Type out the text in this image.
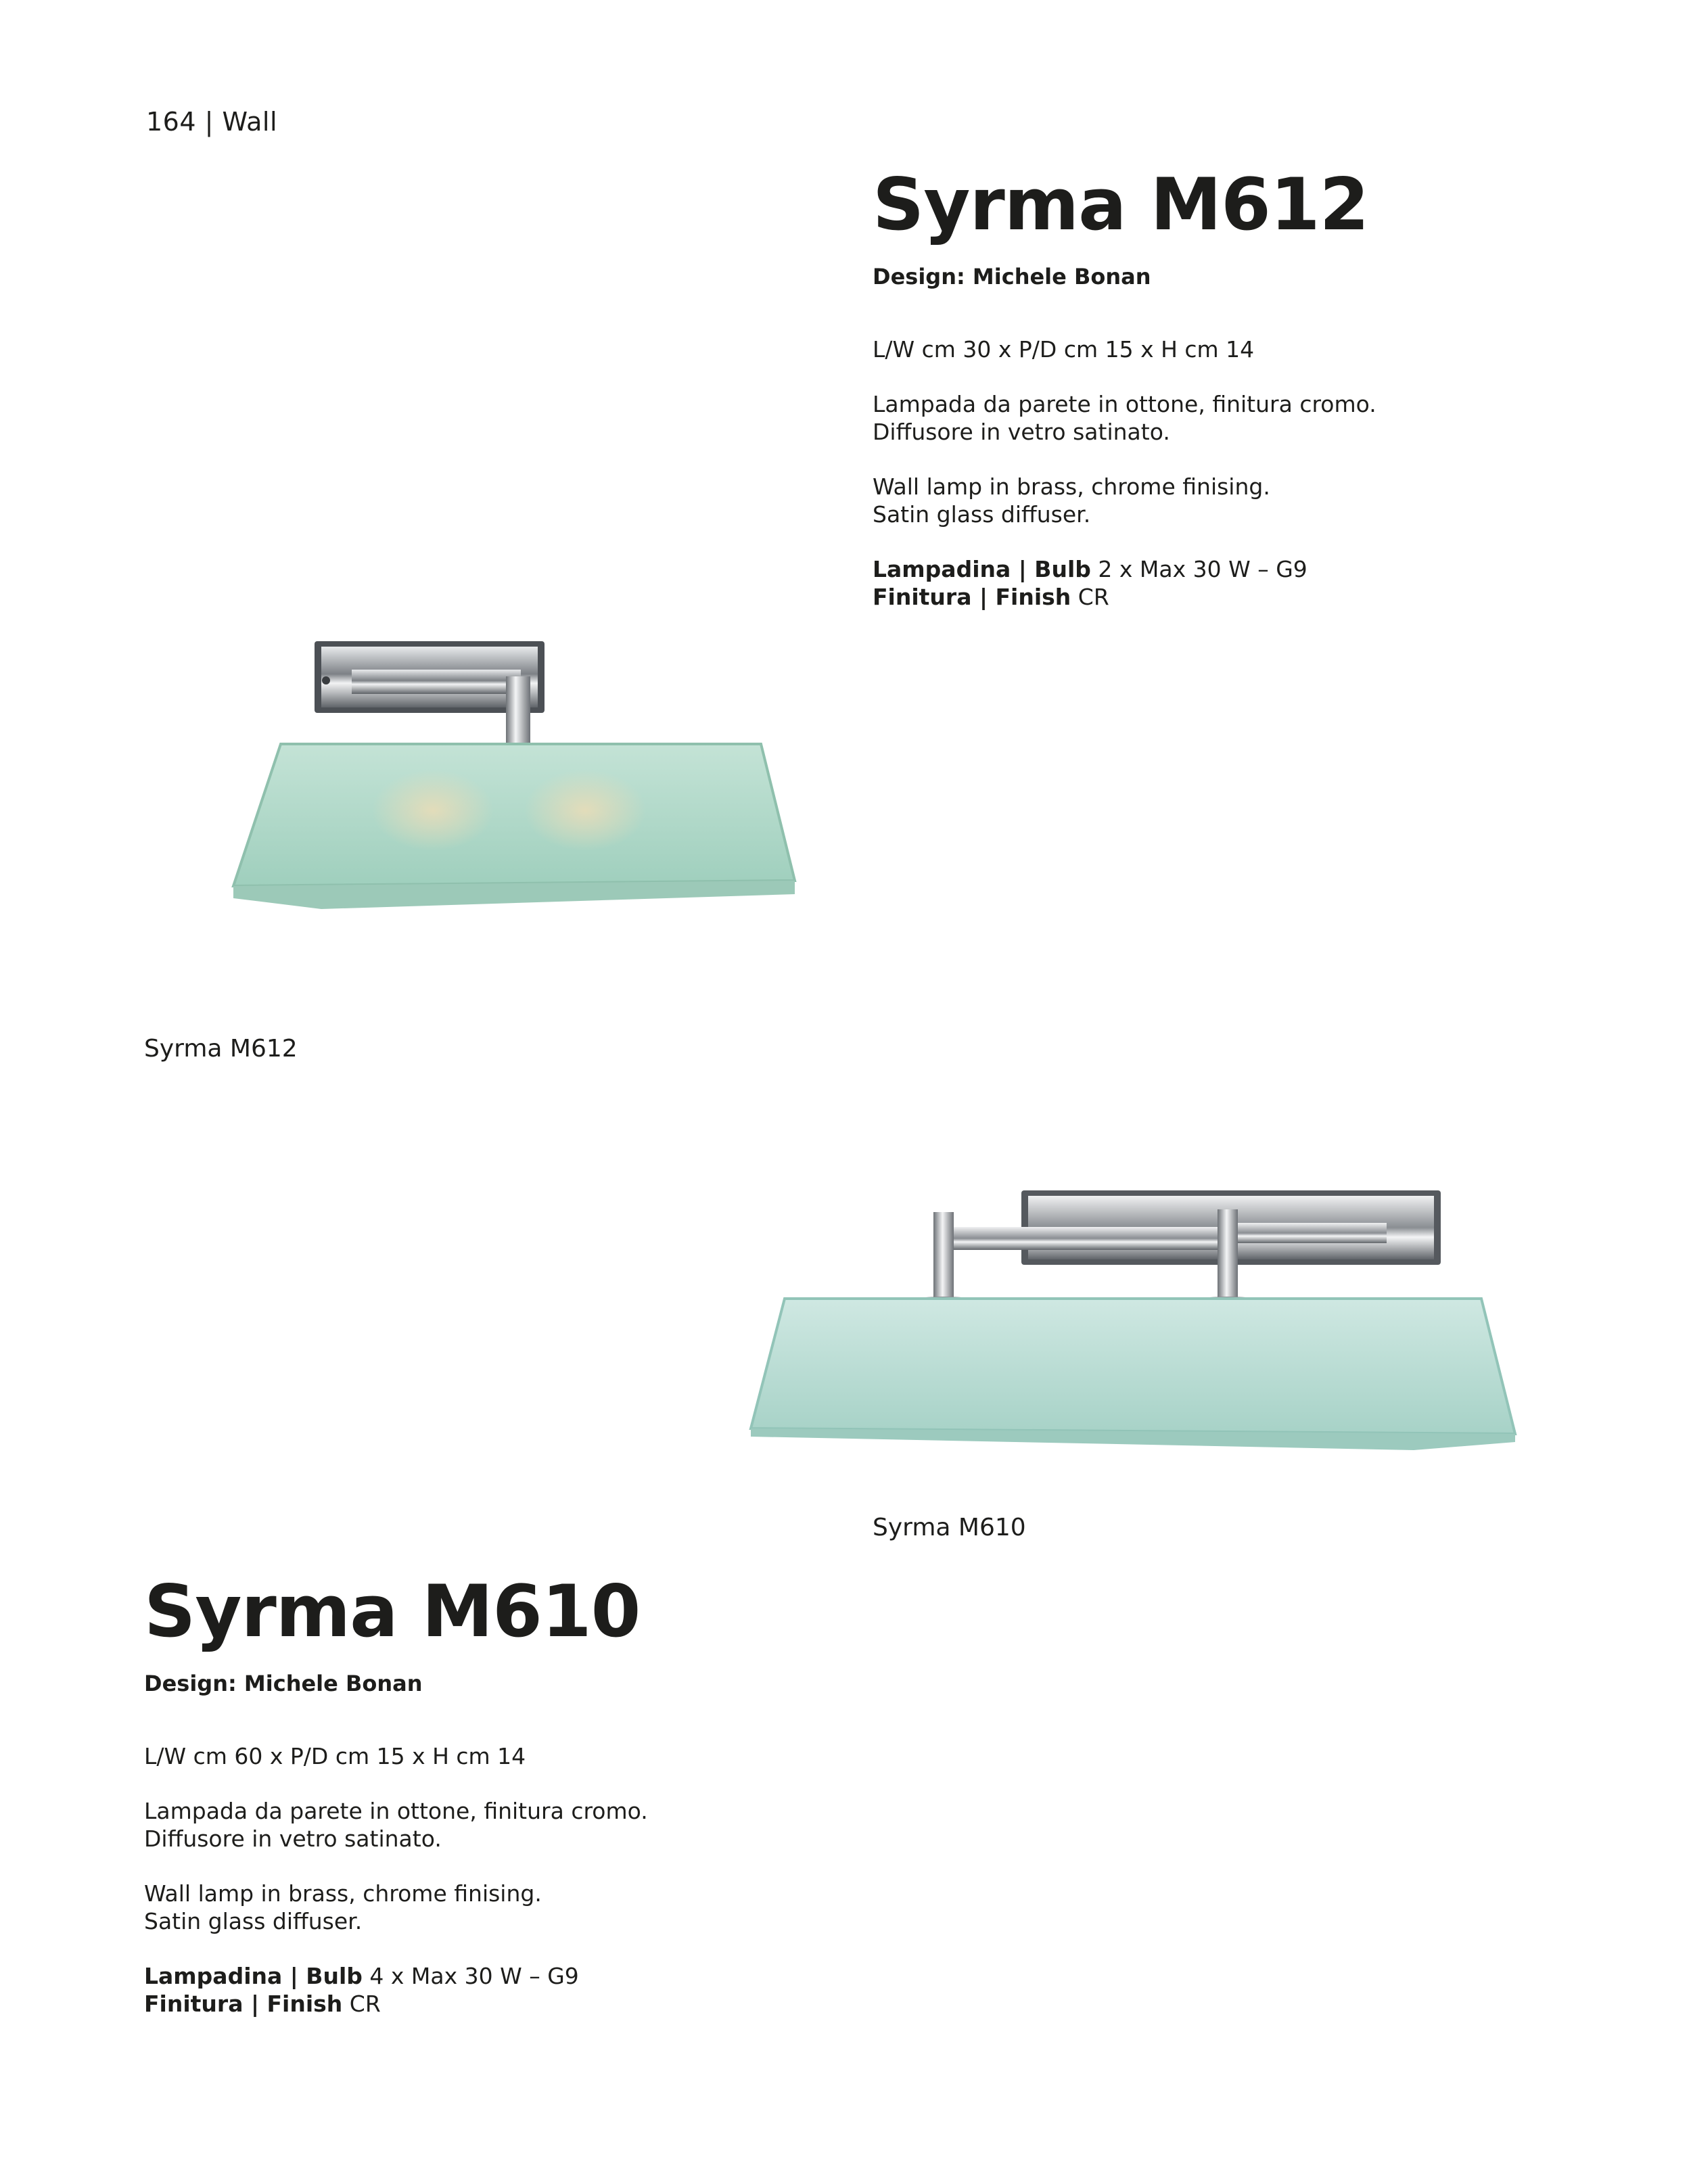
164 | Wall
Syrma M612
Design: Michele Bonan

L/W cm 30 x P/D cm 15 x H cm 14

Lampada da parete in ottone, finitura cromo.

Diffusore in vetro satinato.

Wall lamp in brass, chrome finising.

Satin glass diffuser.

Lampadina | Bulb 2 x Max 30 W – G9

Finitura | Finish CR

Syrma M612
Syrma M610
Syrma M610
Design: Michele Bonan

L/W cm 60 x P/D cm 15 x H cm 14

Lampada da parete in ottone, finitura cromo.

Diffusore in vetro satinato.

Wall lamp in brass, chrome finising.

Satin glass diffuser.

Lampadina | Bulb 4 x Max 30 W – G9

Finitura | Finish CR
